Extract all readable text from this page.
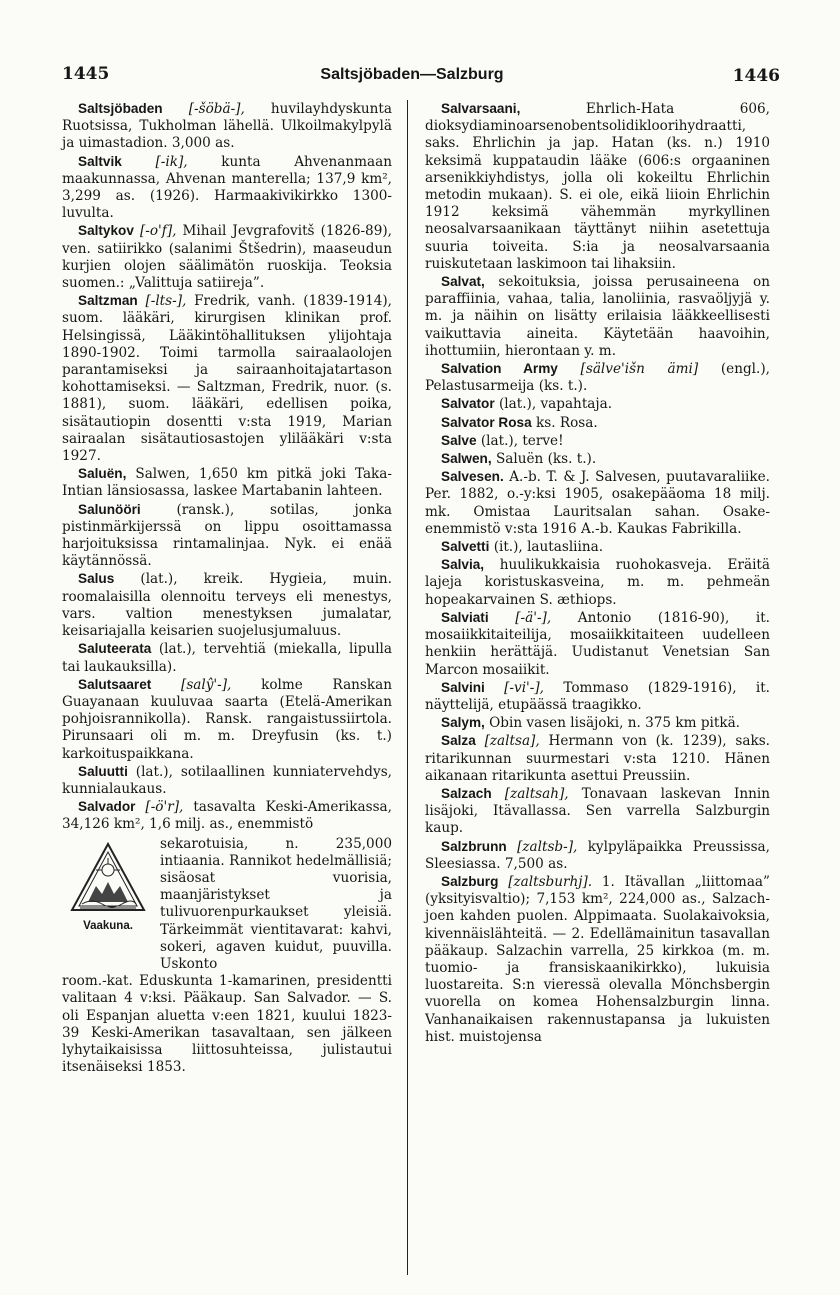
1445	Saltsjöbaden—Salzburg	1446

Saltsjöbaden [-šöbä-], huvilayhdyskunta Ruotsissa, Tukholman lähellä. Ulkoilmakylpylä ja uimastadion. 3,000 as.

Saltvik [-ik], kunta Ahvenanmaan maakunnassa, Ahvenan manterella; 137,9 km², 3,299 as. (1926). Harmaakivikirkko 1300-luvulta.

Saltykov [-o'f], Mihail Jevgrafovitš (1826-89), ven. satiirikko (salanimi Štšedrin), maaseudun kurjien olojen säälimätön ruoskija. Teoksia suomen.: „Valittuja satiireja”.

Saltzman [-lts-], Fredrik, vanh. (1839-1914), suom. lääkäri, kirurgisen klinikan prof. Helsingissä, Lääkintöhallituksen ylijohtaja 1890-1902. Toimi tarmolla sairaalaolojen parantamiseksi ja sairaanhoitajatartason kohottamiseksi. — Saltzman, Fredrik, nuor. (s. 1881), suom. lääkäri, edellisen poika, sisätautiopin dosentti v:sta 1919, Marian sairaalan sisätautiosastojen ylilääkäri v:sta 1927.

Saluën, Salwen, 1,650 km pitkä joki Taka-Intian länsiosassa, laskee Martabanin lahteen.

Salunööri	(ransk.), sotilas, jonka pistinmärkijerssä on lippu osoittamassa harjoituksissa rintamalinjaa. Nyk. ei enää käytännössä.

Salus (lat.), kreik. Hygieia, muin. roomalaisilla olennoitu terveys eli menestys, vars. valtion menestyksen jumalatar, keisariajalla keisarien suojelusjumaluus.

Saluteerata (lat.), tervehtiä (miekalla, lipulla tai laukauksilla).

Salutsaaret [salŷ'-], kolme Ranskan Guayanaan kuuluvaa saarta (Etelä-Amerikan pohjoisrannikolla). Ransk. rangaistussiirtola. Pirunsaari oli m. m. Dreyfusin (ks. t.) karkoituspaikkana.

Saluutti (lat.), sotilaallinen kunniatervehdys, kunnialaukaus.

Salvador [-ö'r], tasavalta Keski-Amerikassa, 34,126 km², 1,6 milj. as., enemmistö

Vaakuna.
sekarotuisia, n. 235,000 intiaania. Rannikot hedelmällisiä; sisäosat vuorisia, maanjäristykset ja tulivuorenpurkaukset yleisiä. Tärkeimmät vientitavarat: kahvi, sokeri, agaven kuidut, puuvilla. Uskonto

room.-kat. Eduskunta 1-kamarinen, presidentti valitaan 4 v:ksi. Pääkaup. San Salvador. — S. oli Espanjan aluetta v:een 1821, kuului 1823-39 Keski-Amerikan tasavaltaan, sen jälkeen lyhytaikaisissa liittosuhteissa, julistautui itsenäiseksi 1853.

Salvarsaani,	Ehrlich-Hata 606, dioksydiaminoarsenobentsolidikloorihydraatti, saks. Ehrlichin ja jap. Hatan (ks. n.) 1910 keksimä kuppataudin lääke (606:s orgaaninen arsenikkiyhdistys, jolla oli kokeiltu Ehrlichin metodin mukaan). S. ei ole, eikä liioin Ehrlichin 1912 keksimä vähemmän myrkyllinen neosalvarsaanikaan täyttänyt niihin asetettuja suuria toiveita. S:ia ja neosalvarsaania ruiskutetaan laskimoon tai lihaksiin.

Salvat, sekoituksia, joissa perusaineena on paraffiinia, vahaa, talia, lanoliinia, rasvaöljyjä y. m. ja näihin on lisätty erilaisia lääkkeellisesti vaikuttavia aineita. Käytetään haavoihin, ihottumiin, hierontaan y. m.

Salvation Army [sälve'išn ämi] (engl.), Pelastusarmeija (ks. t.).

Salvator (lat.), vapahtaja.

Salvator Rosa ks. Rosa.

Salve (lat.), terve!

Salwen, Saluën (ks. t.).

Salvesen. A.-b. T. & J. Salvesen, puutavaraliike. Per. 1882, o.-y:ksi 1905, osakepääoma 18 milj. mk. Omistaa Lauritsalan sahan. Osake-enemmistö v:sta 1916 A.-b. Kaukas Fabrikilla.

Salvetti (it.), lautasliina.

Salvia, huulikukkaisia ruohokasveja. Eräitä lajeja koristuskasveina, m. m. pehmeän hopeakarvainen S. æthiops.

Salviati [-ä'-], Antonio (1816-90), it. mosaiikkitaiteilija, mosaiikkitaiteen uudelleen henkiin herättäjä. Uudistanut Venetsian San Marcon mosaiikit.

Salvini [-vi'-], Tommaso (1829-1916), it. näyttelijä, etupäässä traagikko.

Salym, Obin vasen lisäjoki, n. 375 km pitkä.

Salza [zaltsa], Hermann von (k. 1239), saks. ritarikunnan suurmestari v:sta 1210. Hänen aikanaan ritarikunta asettui Preussiin.

Salzach [zaltsah], Tonavaan laskevan Innin lisäjoki, Itävallassa. Sen varrella Salzburgin kaup.

Salzbrunn [zaltsb-], kylpyläpaikka Preussissa, Sleesiassa. 7,500 as.

Salzburg [zaltsburhj]. 1. Itävallan „liittomaa” (yksityisvaltio); 7,153 km², 224,000 as., Salzach-joen kahden puolen. Alppimaata. Suolakaivoksia, kivennäislähteitä. — 2. Edellämainitun tasavallan pääkaup. Salzachin varrella, 25 kirkkoa (m. m. tuomio- ja fransiskaanikirkko), lukuisia luostareita. S:n vieressä olevalla Mönchsbergin vuorella on komea Hohensalzburgin linna. Vanhanaikaisen rakennustapansa ja lukuisten hist. muistojensa
